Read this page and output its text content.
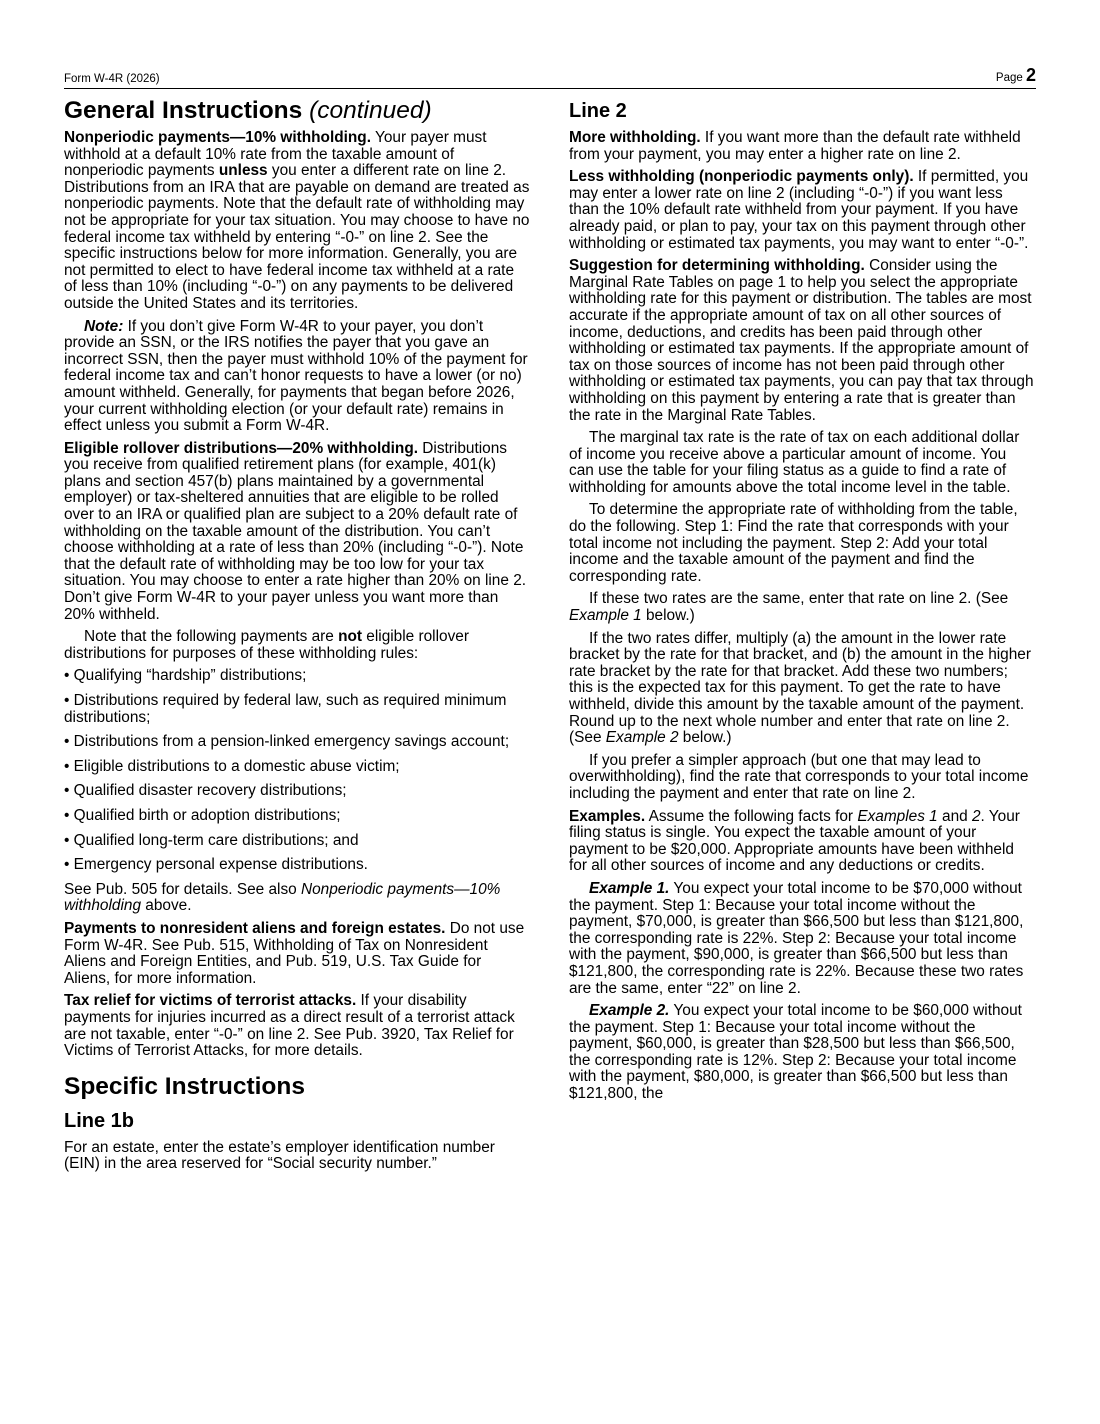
Form W-4R (2026)	Page 2
General Instructions (continued)

Nonperiodic payments—10% withholding. Your payer must withhold at a default 10% rate from the taxable amount of nonperiodic payments unless you enter a different rate on line 2. Distributions from an IRA that are payable on demand are treated as nonperiodic payments. Note that the default rate of withholding may not be appropriate for your tax situation. You may choose to have no federal income tax withheld by entering “-0-” on line 2. See the specific instructions below for more information. Generally, you are not permitted to elect to have federal income tax withheld at a rate of less than 10% (including “-0-”) on any payments to be delivered outside the United States and its territories.

Note: If you don’t give Form W-4R to your payer, you don’t provide an SSN, or the IRS notifies the payer that you gave an incorrect SSN, then the payer must withhold 10% of the payment for federal income tax and can’t honor requests to have a lower (or no) amount withheld. Generally, for payments that began before 2026, your current withholding election (or your default rate) remains in effect unless you submit a Form W-4R.

Eligible rollover distributions—20% withholding. Distributions you receive from qualified retirement plans (for example, 401(k) plans and section 457(b) plans maintained by a governmental employer) or tax-sheltered annuities that are eligible to be rolled over to an IRA or qualified plan are subject to a 20% default rate of withholding on the taxable amount of the distribution. You can’t choose withholding at a rate of less than 20% (including “-0-”). Note that the default rate of withholding may be too low for your tax situation. You may choose to enter a rate higher than 20% on line 2. Don’t give Form W-4R to your payer unless you want more than 20% withheld.

Note that the following payments are not eligible rollover distributions for purposes of these withholding rules:

• Qualifying “hardship” distributions;
• Distributions required by federal law, such as required minimum distributions;
• Distributions from a pension-linked emergency savings account;
• Eligible distributions to a domestic abuse victim;
• Qualified disaster recovery distributions;
• Qualified birth or adoption distributions;
• Qualified long-term care distributions; and
• Emergency personal expense distributions.

See Pub. 505 for details. See also Nonperiodic payments—10% withholding above.

Payments to nonresident aliens and foreign estates. Do not use Form W-4R. See Pub. 515, Withholding of Tax on Nonresident Aliens and Foreign Entities, and Pub. 519, U.S. Tax Guide for Aliens, for more information.

Tax relief for victims of terrorist attacks. If your disability payments for injuries incurred as a direct result of a terrorist attack are not taxable, enter “-0-” on line 2. See Pub. 3920, Tax Relief for Victims of Terrorist Attacks, for more details.

Specific Instructions
Line 1b

For an estate, enter the estate’s employer identification number (EIN) in the area reserved for “Social security number.”

Line 2

More withholding. If you want more than the default rate withheld from your payment, you may enter a higher rate on line 2.

Less withholding (nonperiodic payments only). If permitted, you may enter a lower rate on line 2 (including “-0-”) if you want less than the 10% default rate withheld from your payment. If you have already paid, or plan to pay, your tax on this payment through other withholding or estimated tax payments, you may want to enter “-0-”.

Suggestion for determining withholding. Consider using the Marginal Rate Tables on page 1 to help you select the appropriate withholding rate for this payment or distribution. The tables are most accurate if the appropriate amount of tax on all other sources of income, deductions, and credits has been paid through other withholding or estimated tax payments. If the appropriate amount of tax on those sources of income has not been paid through other withholding or estimated tax payments, you can pay that tax through withholding on this payment by entering a rate that is greater than the rate in the Marginal Rate Tables.

The marginal tax rate is the rate of tax on each additional dollar of income you receive above a particular amount of income. You can use the table for your filing status as a guide to find a rate of withholding for amounts above the total income level in the table.

To determine the appropriate rate of withholding from the table, do the following. Step 1: Find the rate that corresponds with your total income not including the payment. Step 2: Add your total income and the taxable amount of the payment and find the corresponding rate.

If these two rates are the same, enter that rate on line 2. (See Example 1 below.)

If the two rates differ, multiply (a) the amount in the lower rate bracket by the rate for that bracket, and (b) the amount in the higher rate bracket by the rate for that bracket. Add these two numbers; this is the expected tax for this payment. To get the rate to have withheld, divide this amount by the taxable amount of the payment. Round up to the next whole number and enter that rate on line 2. (See Example 2 below.)

If you prefer a simpler approach (but one that may lead to overwithholding), find the rate that corresponds to your total income including the payment and enter that rate on line 2.

Examples. Assume the following facts for Examples 1 and 2. Your filing status is single. You expect the taxable amount of your payment to be $20,000. Appropriate amounts have been withheld for all other sources of income and any deductions or credits.

Example 1. You expect your total income to be $70,000 without the payment. Step 1: Because your total income without the payment, $70,000, is greater than $66,500 but less than $121,800, the corresponding rate is 22%. Step 2: Because your total income with the payment, $90,000, is greater than $66,500 but less than $121,800, the corresponding rate is 22%. Because these two rates are the same, enter “22” on line 2.

Example 2. You expect your total income to be $60,000 without the payment. Step 1: Because your total income without the payment, $60,000, is greater than $28,500 but less than $66,500, the corresponding rate is 12%. Step 2: Because your total income with the payment, $80,000, is greater than $66,500 but less than $121,800, the
